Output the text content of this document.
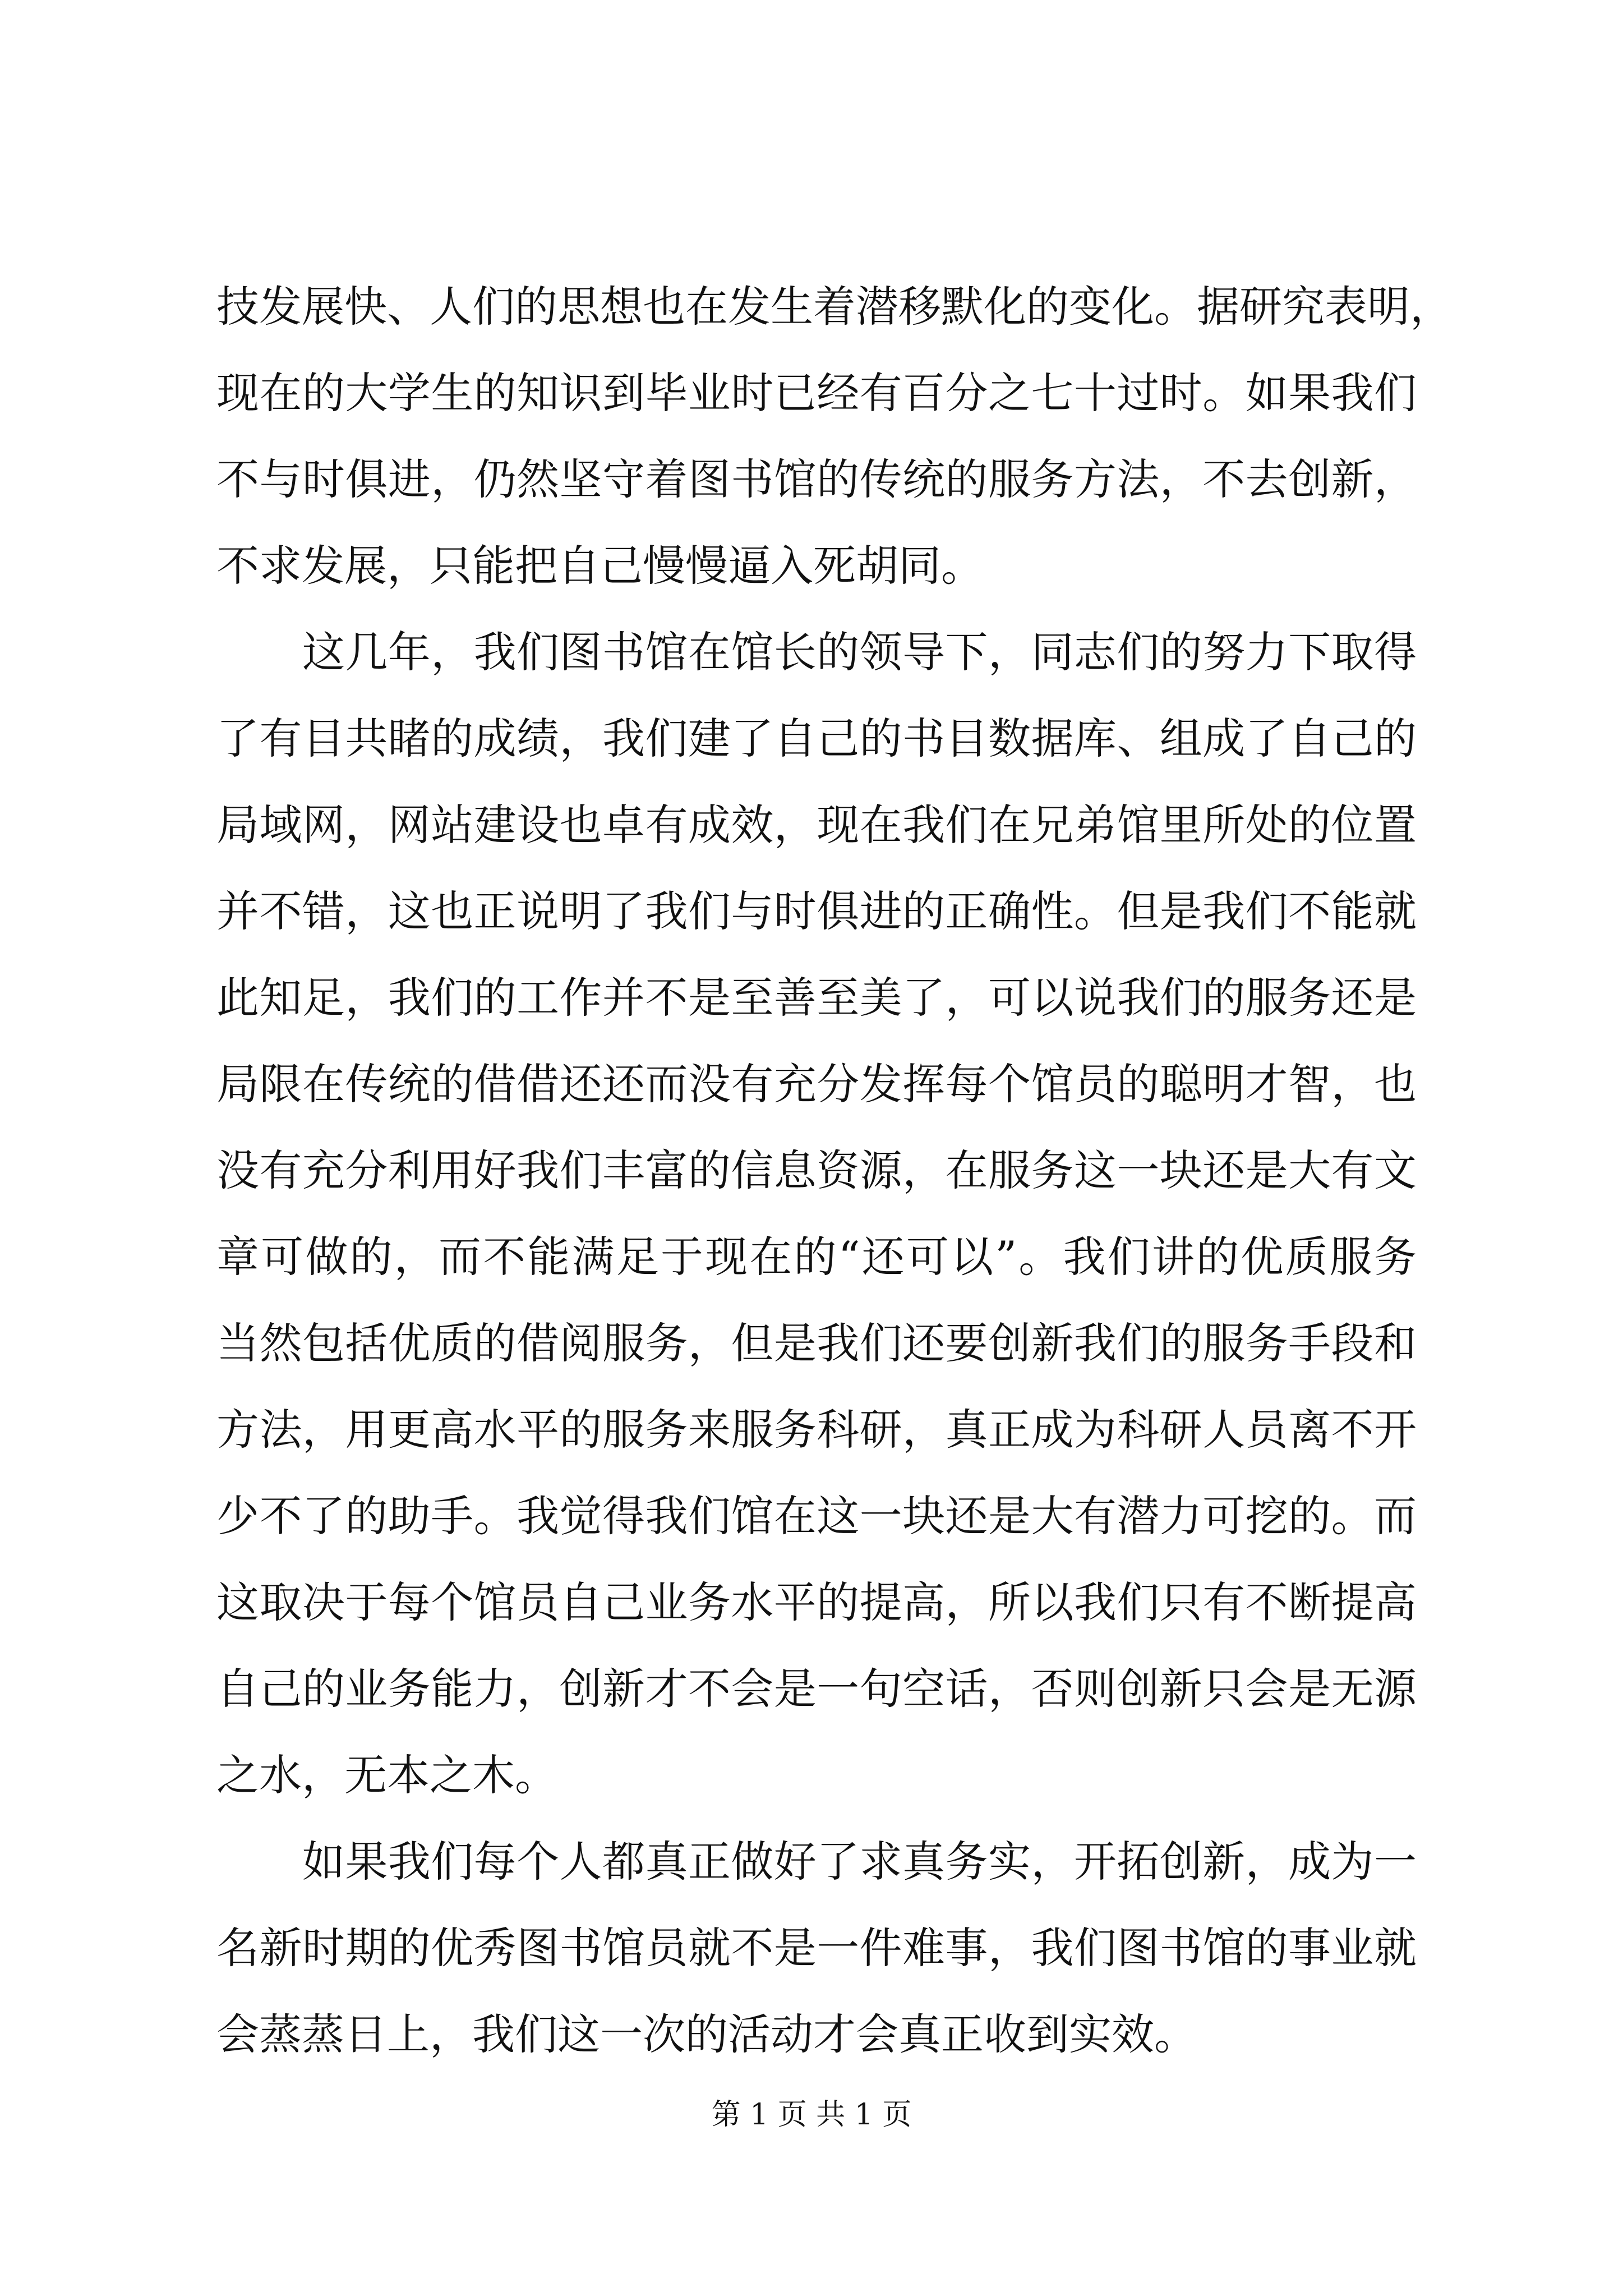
技发展快、人们的思想也在发生着潜移默化的变化。据研究表明，
现在的大学生的知识到毕业时已经有百分之七十过时。如果我们
不与时俱进，仍然坚守着图书馆的传统的服务方法，不去创新，
不求发展，只能把自己慢慢逼入死胡同。
　　这几年，我们图书馆在馆长的领导下，同志们的努力下取得
了有目共睹的成绩，我们建了自己的书目数据库、组成了自己的
局域网，网站建设也卓有成效，现在我们在兄弟馆里所处的位置
并不错，这也正说明了我们与时俱进的正确性。但是我们不能就
此知足，我们的工作并不是至善至美了，可以说我们的服务还是
局限在传统的借借还还而没有充分发挥每个馆员的聪明才智，也
没有充分利用好我们丰富的信息资源，在服务这一块还是大有文
章可做的，而不能满足于现在的“还可以”。我们讲的优质服务
当然包括优质的借阅服务，但是我们还要创新我们的服务手段和
方法，用更高水平的服务来服务科研，真正成为科研人员离不开
少不了的助手。我觉得我们馆在这一块还是大有潜力可挖的。而
这取决于每个馆员自己业务水平的提高，所以我们只有不断提高
自己的业务能力，创新才不会是一句空话，否则创新只会是无源
之水，无本之木。
　　如果我们每个人都真正做好了求真务实，开拓创新，成为一
名新时期的优秀图书馆员就不是一件难事，我们图书馆的事业就
会蒸蒸日上，我们这一次的活动才会真正收到实效。
第 1 页 共 1 页
